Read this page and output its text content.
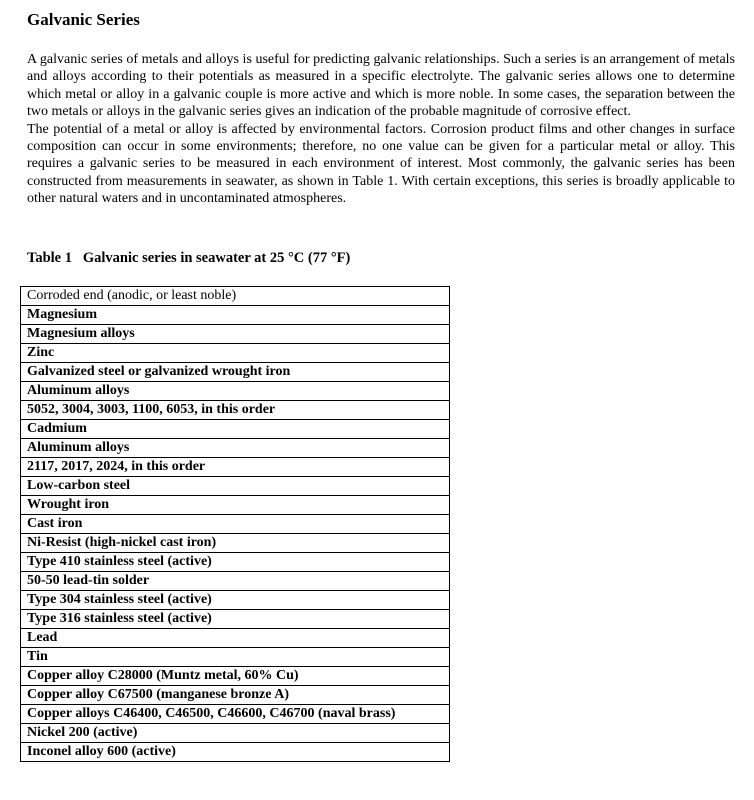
Galvanic Series

A galvanic series of metals and alloys is useful for predicting galvanic relationships. Such a series is an arrangement of metals and alloys according to their potentials as measured in a specific electrolyte. The galvanic series allows one to determine which metal or alloy in a galvanic couple is more active and which is more noble. In some cases, the separation between the two metals or alloys in the galvanic series gives an indication of the probable magnitude of corrosive effect.

The potential of a metal or alloy is affected by environmental factors. Corrosion product films and other changes in surface composition can occur in some environments; therefore, no one value can be given for a particular metal or alloy. This requires a galvanic series to be measured in each environment of interest. Most commonly, the galvanic series has been constructed from measurements in seawater, as shown in Table 1. With certain exceptions, this series is broadly applicable to other natural waters and in uncontaminated atmospheres.

Table 1   Galvanic series in seawater at 25 °C (77 °F)
Corroded end (anodic, or least noble)
Magnesium
Magnesium alloys
Zinc
Galvanized steel or galvanized wrought iron
Aluminum alloys
5052, 3004, 3003, 1100, 6053, in this order
Cadmium
Aluminum alloys
2117, 2017, 2024, in this order
Low-carbon steel
Wrought iron
Cast iron
Ni-Resist (high-nickel cast iron)
Type 410 stainless steel (active)
50-50 lead-tin solder
Type 304 stainless steel (active)
Type 316 stainless steel (active)
Lead
Tin
Copper alloy C28000 (Muntz metal, 60% Cu)
Copper alloy C67500 (manganese bronze A)
Copper alloys C46400, C46500, C46600, C46700 (naval brass)
Nickel 200 (active)
Inconel alloy 600 (active)
